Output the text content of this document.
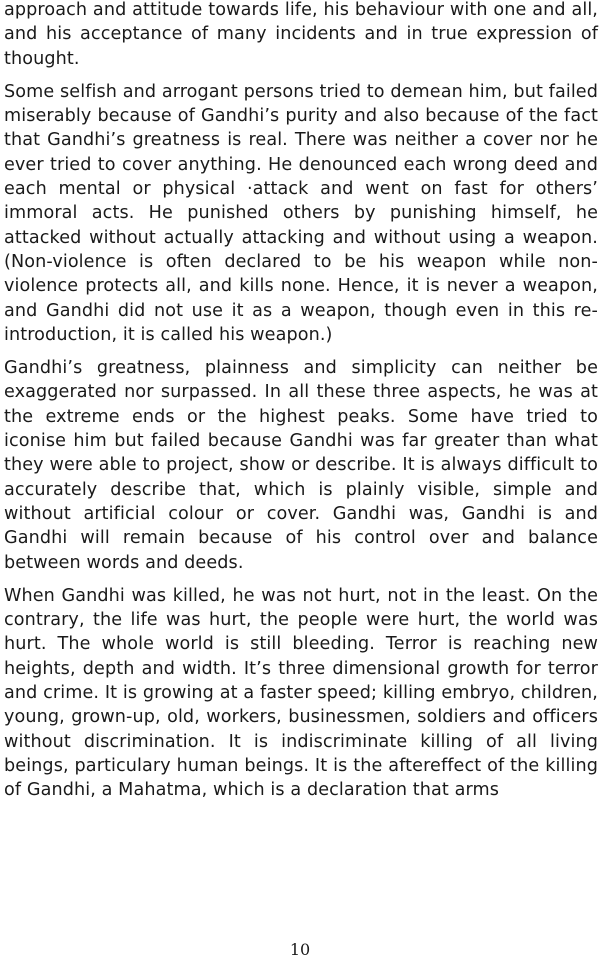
approach and attitude towards life, his behaviour with one and all, and his acceptance of many incidents and in true expression of thought.

Some selfish and arrogant persons tried to demean him, but failed miserably because of Gandhi’s purity and also because of the fact that Gandhi’s greatness is real. There was neither a cover nor he ever tried to cover anything. He denounced each wrong deed and each mental or physical ·attack and went on fast for others’ immoral acts. He punished others by punishing himself, he attacked without actually attacking and without using a weapon. (Non-violence is often declared to be his weapon while non-violence protects all, and kills none. Hence, it is never a weapon, and Gandhi did not use it as a weapon, though even in this re-introduction, it is called his weapon.)

Gandhi’s greatness, plainness and simplicity can neither be exaggerated nor surpassed. In all these three aspects, he was at the extreme ends or the highest peaks. Some have tried to iconise him but failed because Gandhi was far greater than what they were able to project, show or describe. It is always difficult to accurately describe that, which is plainly visible, simple and without artificial colour or cover. Gandhi was, Gandhi is and Gandhi will remain because of his control over and balance between words and deeds.

When Gandhi was killed, he was not hurt, not in the least. On the contrary, the life was hurt, the people were hurt, the world was hurt. The whole world is still bleeding. Terror is reaching new heights, depth and width. It’s three dimensional growth for terror and crime. It is growing at a faster speed; killing embryo, children, young, grown-up, old, workers, businessmen, soldiers and officers without discrimination. It is indiscriminate killing of all living beings, particulary human beings. It is the aftereffect of the killing of Gandhi, a Mahatma, which is a declaration that arms

10
